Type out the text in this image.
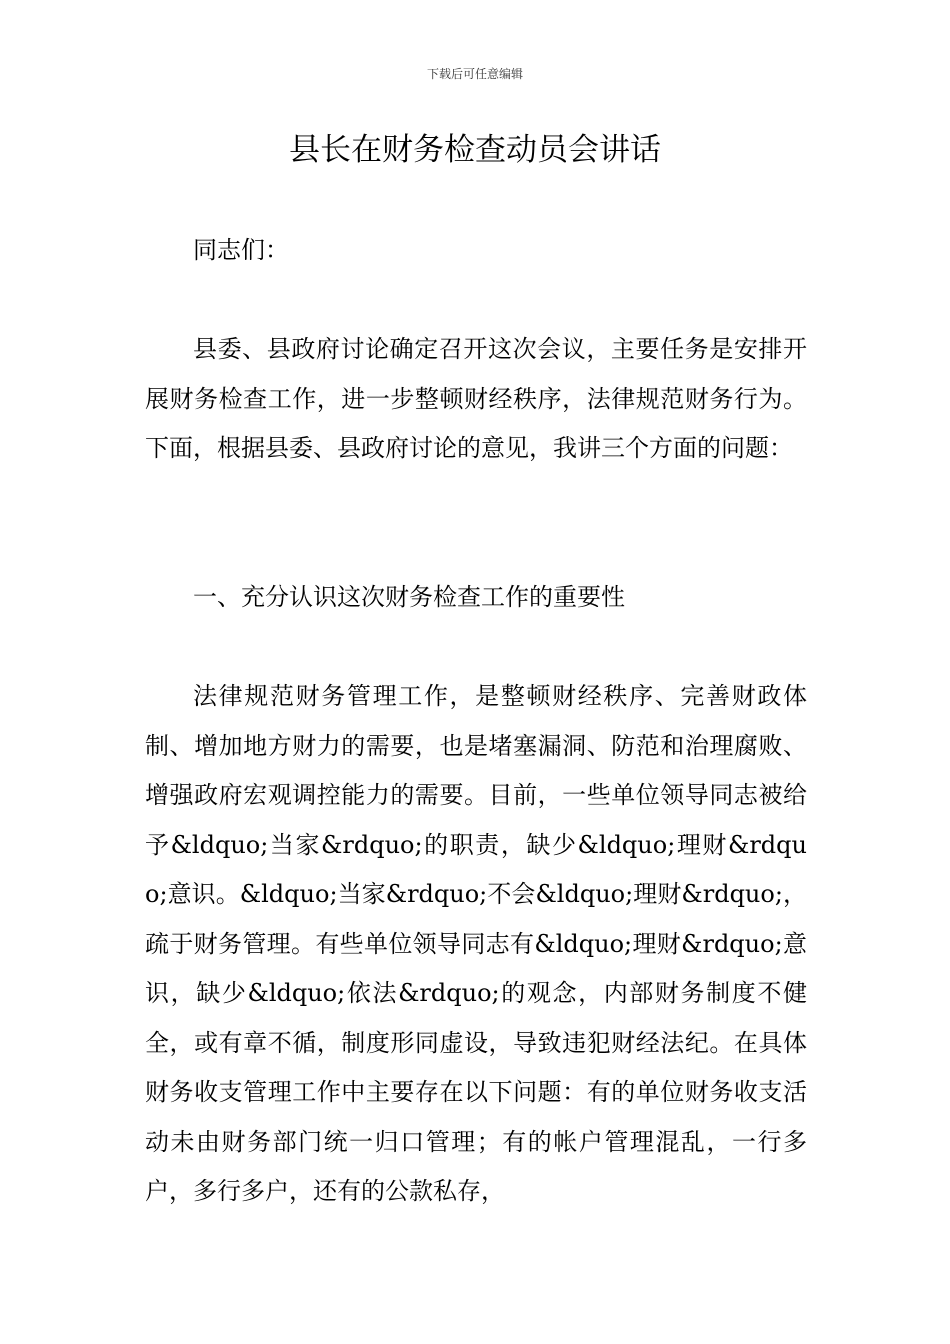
下载后可任意编辑
县长在财务检查动员会讲话

同志们：

县委、县政府讨论确定召开这次会议，主要任务是安排开展财务检查工作，进一步整顿财经秩序，法律规范财务行为。下面，根据县委、县政府讨论的意见，我讲三个方面的问题：

一、充分认识这次财务检查工作的重要性

法律规范财务管理工作，是整顿财经秩序、完善财政体制、增加地方财力的需要，也是堵塞漏洞、防范和治理腐败、增强政府宏观调控能力的需要。目前，一些单位领导同志被给予&ldquo;当家&rdquo;的职责，缺少&ldquo;理财&rdquo;意识。&ldquo;当家&rdquo;不会&ldquo;理财&rdquo;，疏于财务管理。有些单位领导同志有&ldquo;理财&rdquo;意识，缺少&ldquo;依法&rdquo;的观念，内部财务制度不健全，或有章不循，制度形同虚设，导致违犯财经法纪。在具体财务收支管理工作中主要存在以下问题：有的单位财务收支活动未由财务部门统一归口管理；有的帐户管理混乱，一行多户，多行多户，还有的公款私存，
